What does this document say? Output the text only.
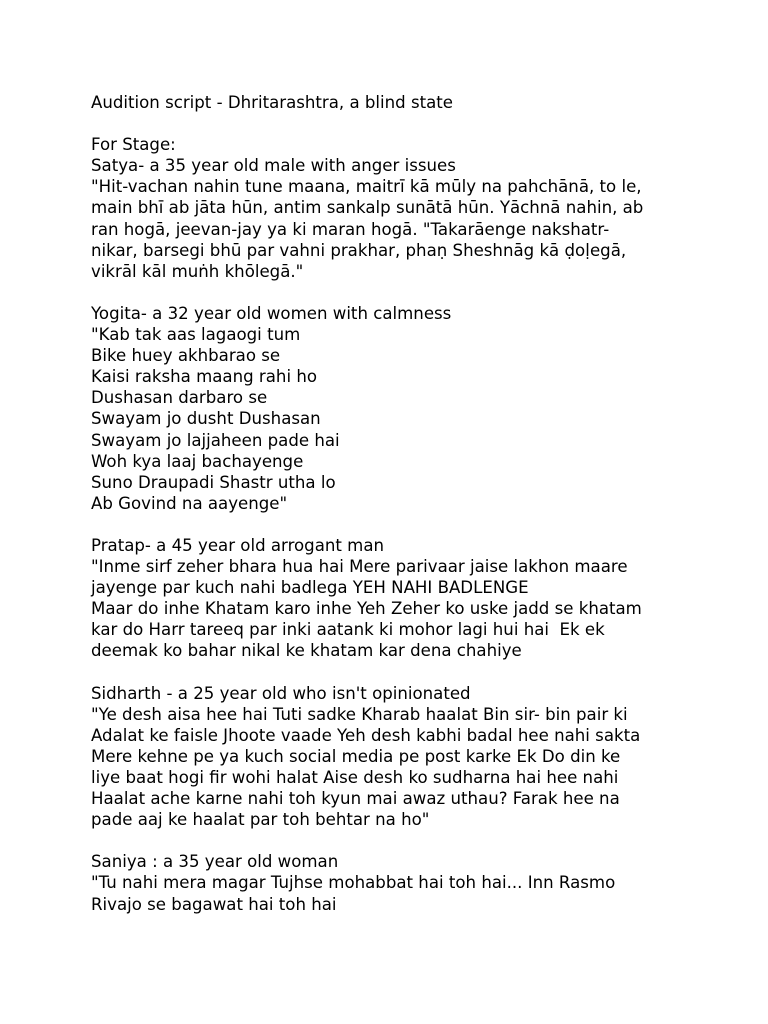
Audition script - Dhritarashtra, a blind state
For Stage:
Satya- a 35 year old male with anger issues
"Hit-vachan nahin tune maana, maitrī kā mūly na pahchānā, to le,
main bhī ab jāta hūn, antim sankalp sunātā hūn. Yāchnā nahin, ab
ran hogā, jeevan-jay ya ki maran hogā. "Takarāenge nakshatr-
nikar, barsegi bhū par vahni prakhar, phaṇ Sheshnāg kā ḍoḷegā,
vikrāl kāl muṅh khōlegā."
Yogita- a 32 year old women with calmness
"Kab tak aas lagaogi tum
Bike huey akhbarao se
Kaisi raksha maang rahi ho
Dushasan darbaro se
Swayam jo dusht Dushasan
Swayam jo lajjaheen pade hai
Woh kya laaj bachayenge
Suno Draupadi Shastr utha lo
Ab Govind na aayenge"
Pratap- a 45 year old arrogant man
"Inme sirf zeher bhara hua hai Mere parivaar jaise lakhon maare
jayenge par kuch nahi badlega YEH NAHI BADLENGE
Maar do inhe Khatam karo inhe Yeh Zeher ko uske jadd se khatam
kar do Harr tareeq par inki aatank ki mohor lagi hui hai  Ek ek
deemak ko bahar nikal ke khatam kar dena chahiye
Sidharth - a 25 year old who isn't opinionated
"Ye desh aisa hee hai Tuti sadke Kharab haalat Bin sir- bin pair ki
Adalat ke faisle Jhoote vaade Yeh desh kabhi badal hee nahi sakta
Mere kehne pe ya kuch social media pe post karke Ek Do din ke
liye baat hogi fir wohi halat Aise desh ko sudharna hai hee nahi
Haalat ache karne nahi toh kyun mai awaz uthau? Farak hee na
pade aaj ke haalat par toh behtar na ho"
Saniya : a 35 year old woman
"Tu nahi mera magar Tujhse mohabbat hai toh hai... Inn Rasmo
Rivajo se bagawat hai toh hai
